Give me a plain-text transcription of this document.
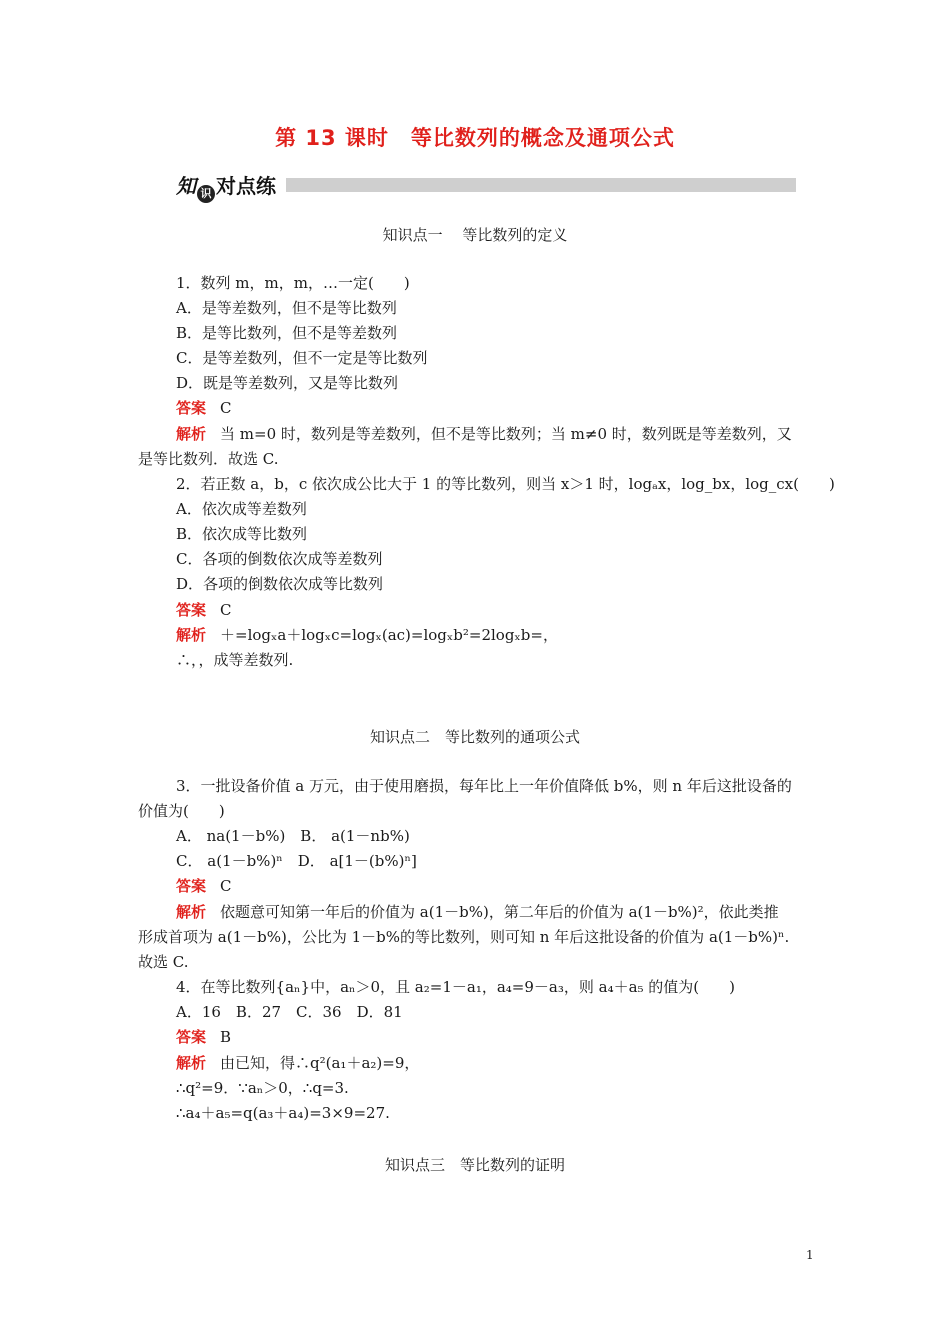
第 13 课时　等比数列的概念及通项公式
知 识 对点练
知识点一　 等比数列的定义
1．数列 m，m，m，…一定(　　)
A．是等差数列，但不是等比数列
B．是等比数列，但不是等差数列
C．是等差数列，但不一定是等比数列
D．既是等差数列，又是等比数列
答案 C
解析 当 m=0 时，数列是等差数列，但不是等比数列；当 m≠0 时，数列既是等差数列，又
是等比数列．故选 C.
2．若正数 a，b，c 依次成公比大于 1 的等比数列，则当 x＞1 时，logₐx，log_bx，log_cx(　　)
A．依次成等差数列
B．依次成等比数列
C．各项的倒数依次成等差数列
D．各项的倒数依次成等比数列
答案 C
解析 ＋=logₓa＋logₓc=logₓ(ac)=logₓb²=2logₓb=，
∴，，成等差数列.
知识点二　等比数列的通项公式
3．一批设备价值 a 万元，由于使用磨损，每年比上一年价值降低 b%，则 n 年后这批设备的
价值为(　　)
A． na(1－b%)　B． a(1－nb%)
C． a(1－b%)ⁿ　D． a[1－(b%)ⁿ]
答案 C
解析 依题意可知第一年后的价值为 a(1－b%)，第二年后的价值为 a(1－b%)²，依此类推
形成首项为 a(1－b%)，公比为 1－b%的等比数列，则可知 n 年后这批设备的价值为 a(1－b%)ⁿ.
故选 C.
4．在等比数列{aₙ}中，aₙ＞0，且 a₂=1－a₁，a₄=9－a₃，则 a₄＋a₅ 的值为(　　)
A．16　B．27　C．36　D．81
答案 B
解析 由已知，得∴q²(a₁＋a₂)=9，
∴q²=9．∵aₙ＞0，∴q=3.
∴a₄＋a₅=q(a₃＋a₄)=3×9=27.
知识点三　等比数列的证明
1
